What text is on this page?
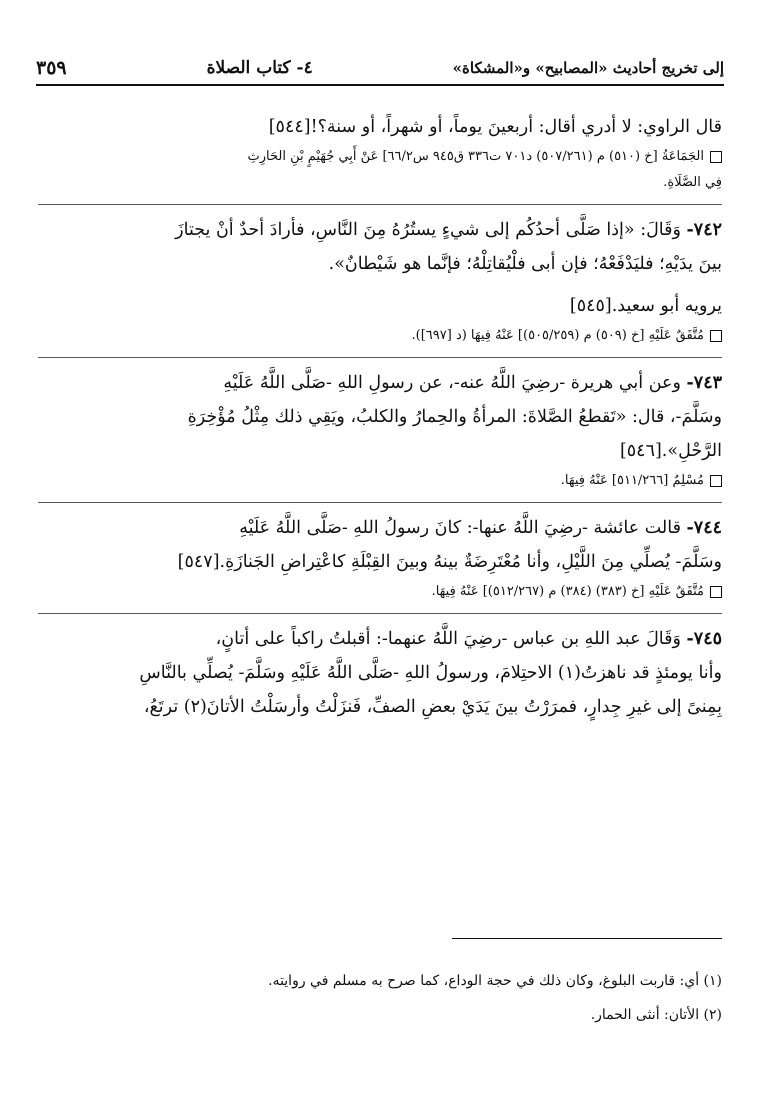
إلى تخريج أحاديث «المصابيح» و«المشكاة»
٤- كتاب الصلاة
٣٥٩
قال الراوي: لا أدري أقال: أربعينَ يوماً، أو شهراً، أو سنة؟![٥٤٤]
الجَمَاعَةُ [خ (٥١٠) م (٥٠٧/٢٦١) د٧٠١ ت٣٣٦ ق٩٤٥ س٦٦/٢] عَنْ أَبِي جُهَيْمٍ بْنِ الحَارِثِ
فِي الصَّلَاةِ.
٧٤٢- وَقَالَ: «إذا صَلَّى أحدُكُم إلى شيءٍ يستُرُهُ مِنَ النَّاسِ، فأرادَ أحدٌ أنْ يجتازَ
بينَ يدَيْهِ؛ فليَدْفَعْهُ؛ فإن أبى فلْيُقاتِلْهُ؛ فإنَّما هو شَيْطانٌ».
يرويه أبو سعيد.[٥٤٥]
مُتَّفَقٌ عَلَيْهِ [خ (٥٠٩) م (٥٠٥/٢٥٩)] عَنْهُ فِيهَا (د [٦٩٧]).
٧٤٣- وعن أبي هريرة -رضِيَ اللَّهُ عنه-، عن رسولِ اللهِ -صَلَّى اللَّهُ عَلَيْهِ
وسَلَّمَ-، قال: «تَقطعُ الصَّلاةَ: المرأةُ والحِمارُ والكلبُ، ويَقِي ذلك مِثْلُ مُؤْخِرَةِ
الرَّحْلِ».[٥٤٦]
مُسْلِمٌ [٥١١/٢٦٦] عَنْهُ فِيهَا.
٧٤٤- قالت عائشة -رضِيَ اللَّهُ عنها-: كانَ رسولُ اللهِ -صَلَّى اللَّهُ عَلَيْهِ
وسَلَّمَ- يُصلِّي مِنَ اللَّيْلِ، وأنا مُعْتَرِضَةٌ بينهُ وبينَ القِبْلَةِ كاعْتِراضِ الجَنازَةِ.[٥٤٧]
مُتَّفَقٌ عَلَيْهِ [خ (٣٨٣) (٣٨٤) م (٥١٢/٢٦٧)] عَنْهُ فِيهَا.
٧٤٥- وَقَالَ عبد اللهِ بن عباس -رضِيَ اللَّهُ عنهما-: أقبلتُ راكباً على أتانٍ،
وأنا يومئذٍ قد ناهزتُ(١) الاحتِلامَ، ورسولُ اللهِ -صَلَّى اللَّهُ عَلَيْهِ وسَلَّمَ- يُصلِّي بالنَّاسِ
بِمِنىً إلى غيرِ جِدارٍ، فمرَرْتُ بينَ يَدَيْ بعضِ الصفِّ، فَنزَلْتُ وأرسَلْتُ الأتانَ(٢) ترتَعُ،
(١) أي: قاربت البلوغ، وكان ذلك في حجة الوداع، كما صرح به مسلم في روايته.
(٢) الأتان: أنثى الحمار.
